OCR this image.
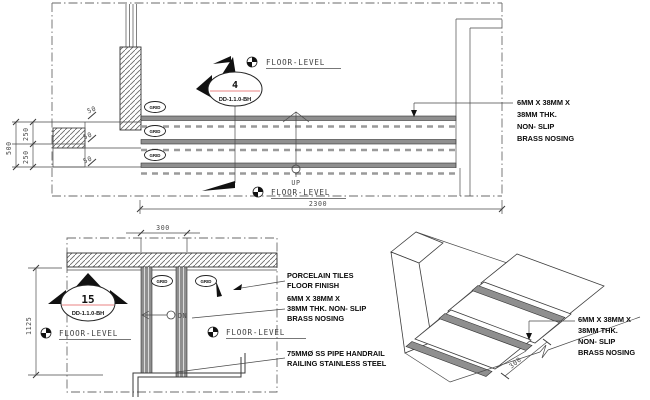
500
250
250
50
50
50
GRID
GRID
GRID
4
DD-1.1.0-BH
FLOOR-LEVEL
FLOOR-LEVEL
UP
2300
6MM X 38MM X
38MM THK.
NON- SLIP
BRASS NOSING
300
GRID	GRID
15
DD-1.1.0-BH
1125	FLOOR-LEVEL	FLOOR-LEVEL
DN
PORCELAIN TILES
FLOOR FINISH
6MM X 38MM X
38MM THK. NON- SLIP
BRASS NOSING
75MMØ SS PIPE HANDRAIL
RAILING STAINLESS STEEL	300
6MM X 38MM X
38MM THK.
NON- SLIP
BRASS NOSING
